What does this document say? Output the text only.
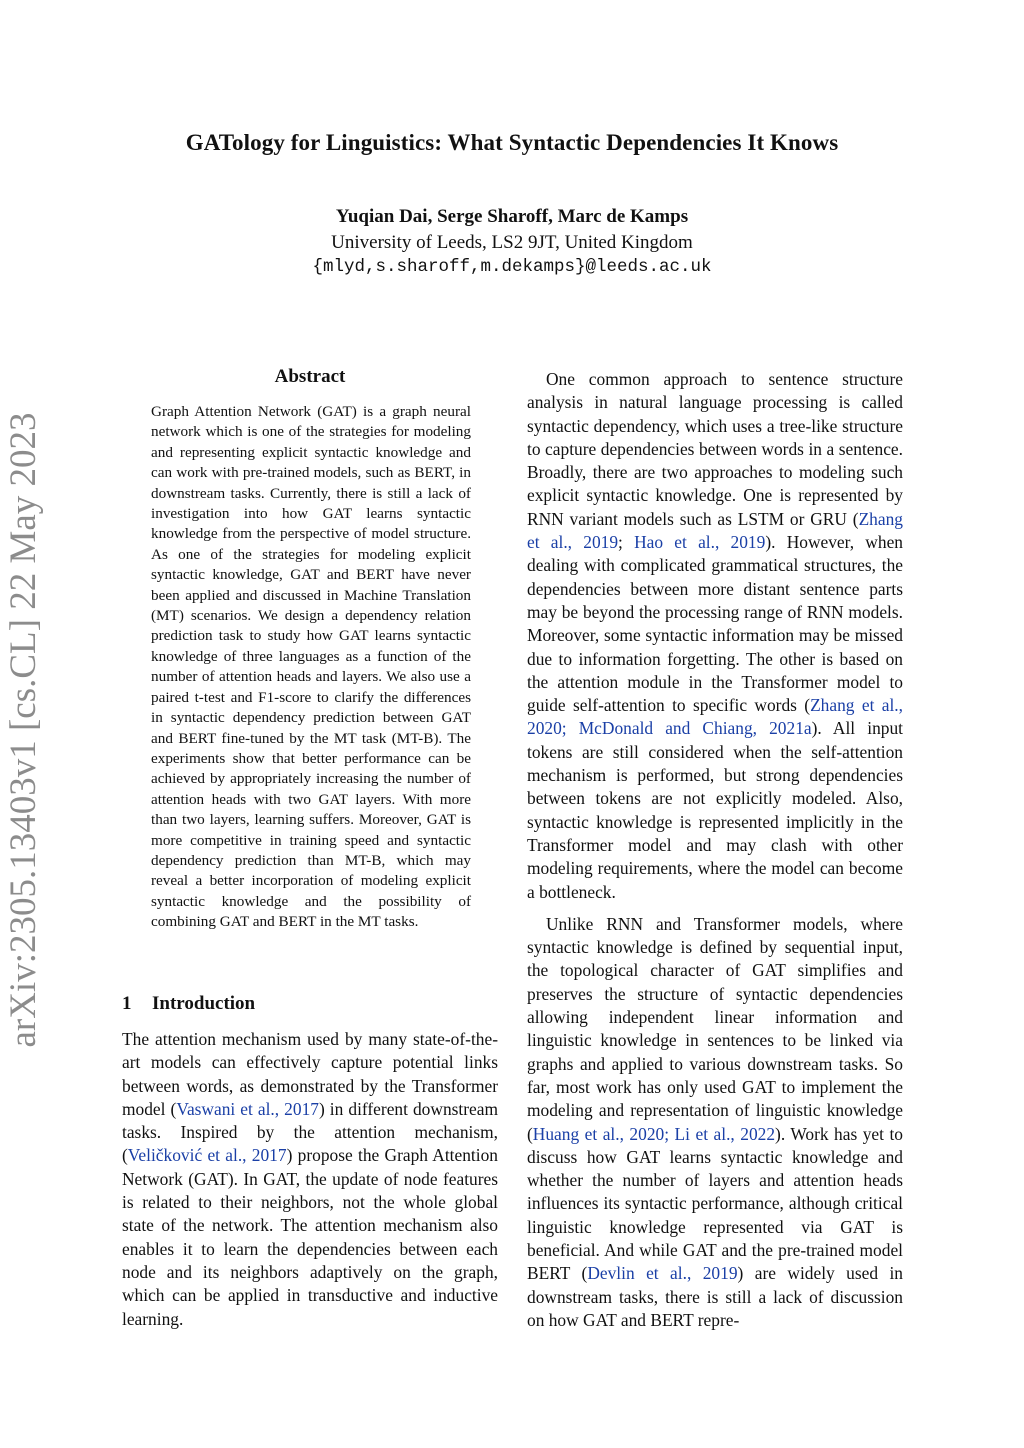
GATology for Linguistics: What Syntactic Dependencies It Knows
Yuqian Dai, Serge Sharoff, Marc de Kamps
University of Leeds, LS2 9JT, United Kingdom
{mlyd,s.sharoff,m.dekamps}@leeds.ac.uk
arXiv:2305.13403v1 [cs.CL] 22 May 2023
Abstract
Graph Attention Network (GAT) is a graph neural network which is one of the strategies for modeling and representing explicit syntactic knowledge and can work with pre-trained models, such as BERT, in downstream tasks. Currently, there is still a lack of investigation into how GAT learns syntactic knowledge from the perspective of model structure. As one of the strategies for modeling explicit syntactic knowledge, GAT and BERT have never been applied and discussed in Machine Translation (MT) scenarios. We design a dependency relation prediction task to study how GAT learns syntactic knowledge of three languages as a function of the number of attention heads and layers. We also use a paired t-test and F1-score to clarify the differences in syntactic dependency prediction between GAT and BERT fine-tuned by the MT task (MT-B). The experiments show that better performance can be achieved by appropriately increasing the number of attention heads with two GAT layers. With more than two layers, learning suffers. Moreover, GAT is more competitive in training speed and syntactic dependency prediction than MT-B, which may reveal a better incorporation of modeling explicit syntactic knowledge and the possibility of combining GAT and BERT in the MT tasks.
1 Introduction

The attention mechanism used by many state-of-the-art models can effectively capture potential links between words, as demonstrated by the Transformer model (Vaswani et al., 2017) in different downstream tasks. Inspired by the attention mechanism, (Veličković et al., 2017) propose the Graph Attention Network (GAT). In GAT, the update of node features is related to their neighbors, not the whole global state of the network. The attention mechanism also enables it to learn the dependencies between each node and its neighbors adaptively on the graph, which can be applied in transductive and inductive learning.

One common approach to sentence structure analysis in natural language processing is called syntactic dependency, which uses a tree-like structure to capture dependencies between words in a sentence. Broadly, there are two approaches to modeling such explicit syntactic knowledge. One is represented by RNN variant models such as LSTM or GRU (Zhang et al., 2019; Hao et al., 2019). However, when dealing with complicated grammatical structures, the dependencies between more distant sentence parts may be beyond the processing range of RNN models. Moreover, some syntactic information may be missed due to information forgetting. The other is based on the attention module in the Transformer model to guide self-attention to specific words (Zhang et al., 2020; McDonald and Chiang, 2021a). All input tokens are still considered when the self-attention mechanism is performed, but strong dependencies between tokens are not explicitly modeled. Also, syntactic knowledge is represented implicitly in the Transformer model and may clash with other modeling requirements, where the model can become a bottleneck.

Unlike RNN and Transformer models, where syntactic knowledge is defined by sequential input, the topological character of GAT simplifies and preserves the structure of syntactic dependencies allowing independent linear information and linguistic knowledge in sentences to be linked via graphs and applied to various downstream tasks. So far, most work has only used GAT to implement the modeling and representation of linguistic knowledge (Huang et al., 2020; Li et al., 2022). Work has yet to discuss how GAT learns syntactic knowledge and whether the number of layers and attention heads influences its syntactic performance, although critical linguistic knowledge represented via GAT is beneficial. And while GAT and the pre-trained model BERT (Devlin et al., 2019) are widely used in downstream tasks, there is still a lack of discussion on how GAT and BERT repre-
